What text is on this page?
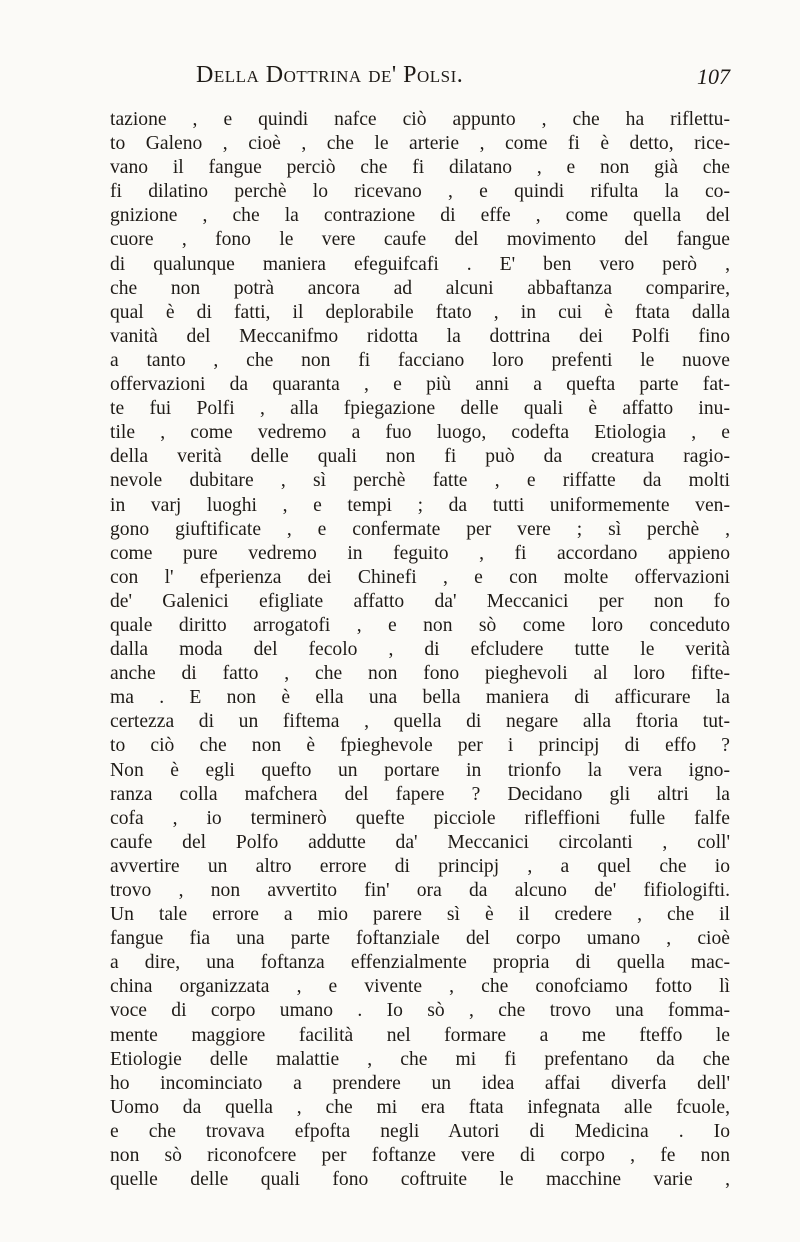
Della Dottrina de' Polsi.	107
tazione , e quindi nafce ciò appunto , che ha riflettu-
to Galeno , cioè , che le arterie , come fi è detto, rice-
vano il fangue perciò che fi dilatano , e non già che
fi dilatino perchè lo ricevano , e quindi rifulta la co-
gnizione , che la contrazione di effe , come quella del
cuore , fono le vere caufe del movimento del fangue
di qualunque maniera efeguifcafi . E' ben vero però ,
che non potrà ancora ad alcuni abbaftanza comparire,
qual è di fatti, il deplorabile ftato , in cui è ftata dalla
vanità del Meccanifmo ridotta la dottrina dei Polfi fino
a tanto , che non fi facciano loro prefenti le nuove
offervazioni da quaranta , e più anni a quefta parte fat-
te fui Polfi , alla fpiegazione delle quali è affatto inu-
tile , come vedremo a fuo luogo, codefta Etiologia , e
della verità delle quali non fi può da creatura ragio-
nevole dubitare , sì perchè fatte , e riffatte da molti
in varj luoghi , e tempi ; da tutti uniformemente ven-
gono giuftificate , e confermate per vere ; sì perchè ,
come pure vedremo in feguito , fi accordano appieno
con l' efperienza dei Chinefi , e con molte offervazioni
de' Galenici efigliate affatto da' Meccanici per non fo
quale diritto arrogatofi , e non sò come loro conceduto
dalla moda del fecolo , di efcludere tutte le verità
anche di fatto , che non fono pieghevoli al loro fifte-
ma . E non è ella una bella maniera di afficurare la
certezza di un fiftema , quella di negare alla ftoria tut-
to ciò che non è fpieghevole per i principj di effo ?
Non è egli quefto un portare in trionfo la vera igno-
ranza colla mafchera del fapere ? Decidano gli altri la
cofa , io terminerò quefte picciole rifleffioni fulle falfe
caufe del Polfo addutte da' Meccanici circolanti , coll'
avvertire un altro errore di principj , a quel che io
trovo , non avvertito fin' ora da alcuno de' fifiologifti.
Un tale errore a mio parere sì è il credere , che il
fangue fia una parte foftanziale del corpo umano , cioè
a dire, una foftanza effenzialmente propria di quella mac-
china organizzata , e vivente , che conofciamo fotto lì
voce di corpo umano . Io sò , che trovo una fomma-
mente maggiore facilità nel formare a me fteffo le
Etiologie delle malattie , che mi fi prefentano da che
ho incominciato a prendere un idea affai diverfa dell'
Uomo da quella , che mi era ftata infegnata alle fcuole,
e che trovava efpofta negli Autori di Medicina . Io
non sò riconofcere per foftanze vere di corpo , fe non
quelle delle quali fono coftruite le macchine varie ,
